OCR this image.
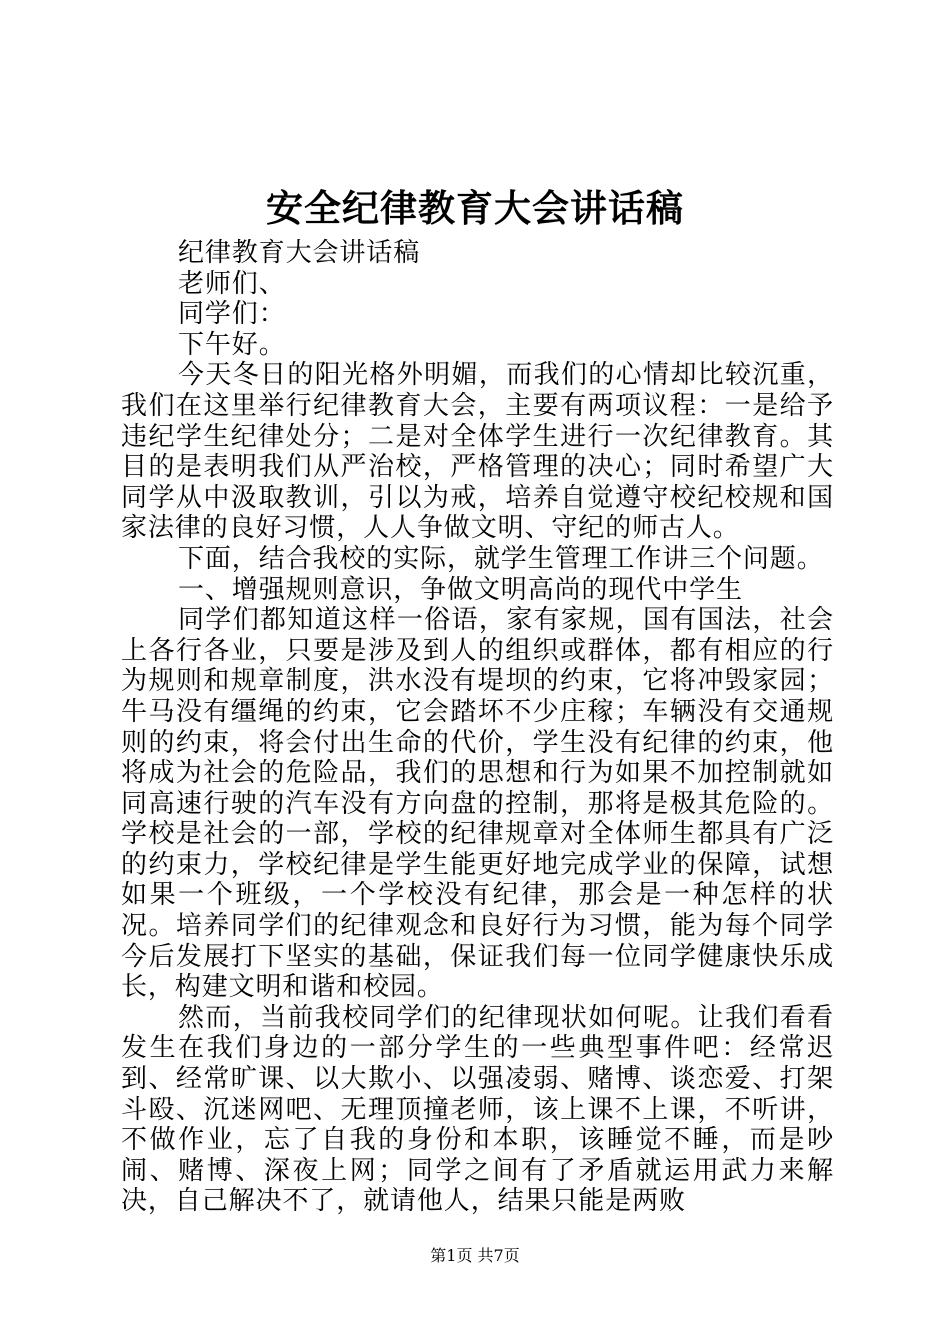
安全纪律教育大会讲话稿

纪律教育大会讲话稿

老师们、

同学们：

下午好。

今天冬日的阳光格外明媚，而我们的心情却比较沉重，我们在这里举行纪律教育大会，主要有两项议程：一是给予违纪学生纪律处分；二是对全体学生进行一次纪律教育。其目的是表明我们从严治校，严格管理的决心；同时希望广大同学从中汲取教训，引以为戒，培养自觉遵守校纪校规和国家法律的良好习惯，人人争做文明、守纪的师古人。

下面，结合我校的实际，就学生管理工作讲三个问题。

一、增强规则意识，争做文明高尚的现代中学生

同学们都知道这样一俗语，家有家规，国有国法，社会上各行各业，只要是涉及到人的组织或群体，都有相应的行为规则和规章制度，洪水没有堤坝的约束，它将冲毁家园；牛马没有缰绳的约束，它会踏坏不少庄稼；车辆没有交通规则的约束，将会付出生命的代价，学生没有纪律的约束，他将成为社会的危险品，我们的思想和行为如果不加控制就如同高速行驶的汽车没有方向盘的控制，那将是极其危险的。学校是社会的一部，学校的纪律规章对全体师生都具有广泛的约束力，学校纪律是学生能更好地完成学业的保障，试想如果一个班级，一个学校没有纪律，那会是一种怎样的状况。培养同学们的纪律观念和良好行为习惯，能为每个同学今后发展打下坚实的基础，保证我们每一位同学健康快乐成长，构建文明和谐和校园。

然而，当前我校同学们的纪律现状如何呢。让我们看看发生在我们身边的一部分学生的一些典型事件吧：经常迟到、经常旷课、以大欺小、以强凌弱、赌博、谈恋爱、打架斗殴、沉迷网吧、无理顶撞老师，该上课不上课，不听讲，不做作业，忘了自我的身份和本职，该睡觉不睡，而是吵闹、赌博、深夜上网；同学之间有了矛盾就运用武力来解决，自己解决不了，就请他人，结果只能是两败

第1页 共7页
